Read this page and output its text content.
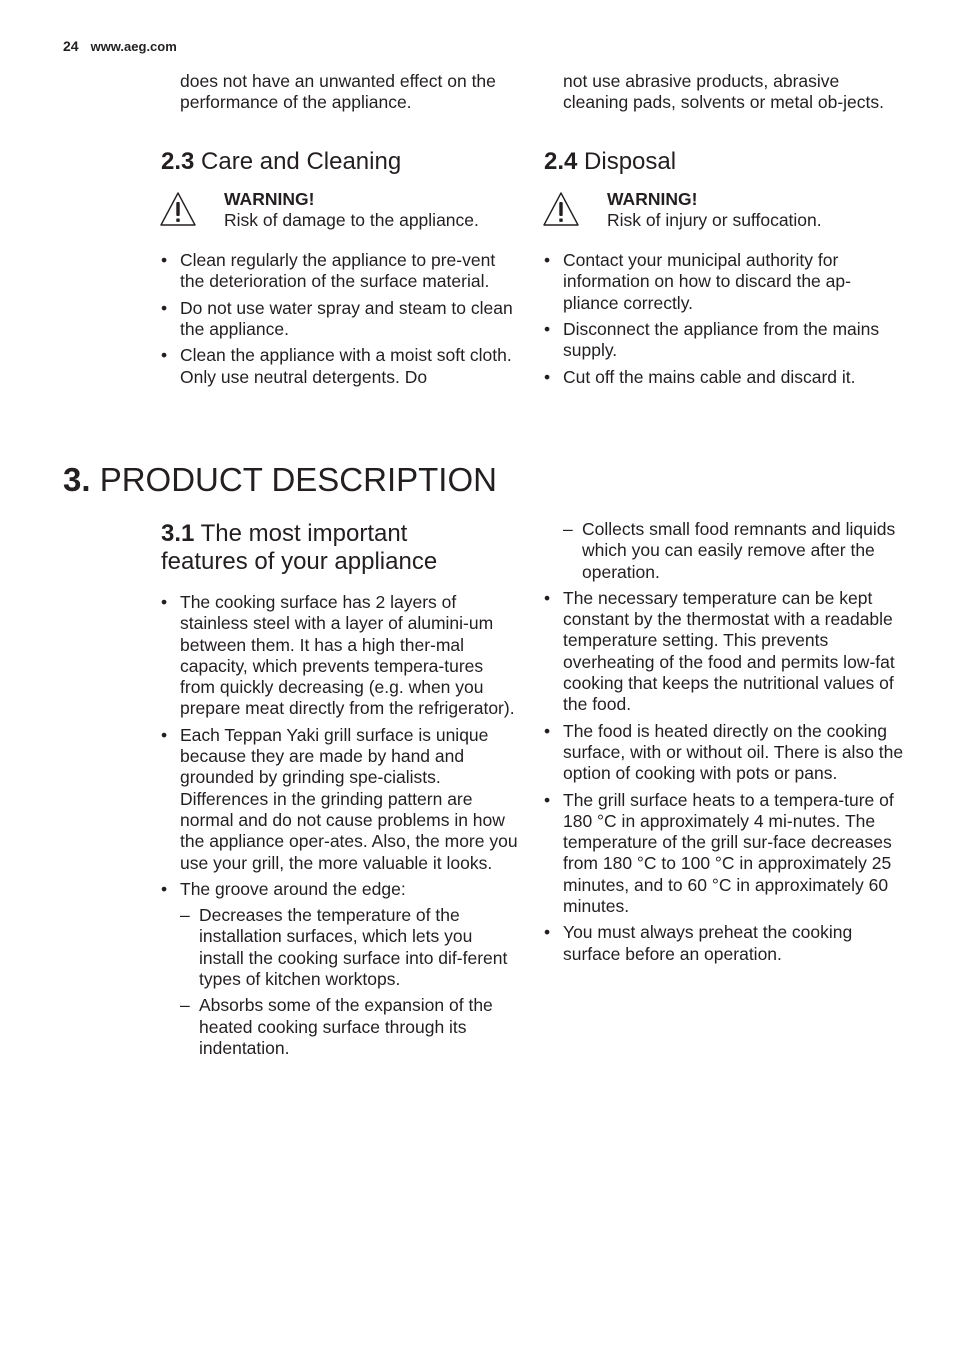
24 www.aeg.com

does not have an unwanted effect on the performance of the appliance.

2.3 Care and Cleaning
WARNING!
Risk of damage to the appliance.
• Clean regularly the appliance to pre-vent the deterioration of the surface material.
• Do not use water spray and steam to clean the appliance.
• Clean the appliance with a moist soft cloth. Only use neutral detergents. Do

not use abrasive products, abrasive cleaning pads, solvents or metal ob-jects.

2.4 Disposal
WARNING!
Risk of injury or suffocation.
• Contact your municipal authority for information on how to discard the ap-pliance correctly.
• Disconnect the appliance from the mains supply.
• Cut off the mains cable and discard it.
3. PRODUCT DESCRIPTION
3.1 The most important
features of your appliance
• The cooking surface has 2 layers of stainless steel with a layer of alumini-um between them. It has a high ther-mal capacity, which prevents tempera-tures from quickly decreasing (e.g. when you prepare meat directly from the refrigerator).
• Each Teppan Yaki grill surface is unique because they are made by hand and grounded by grinding spe-cialists. Differences in the grinding pattern are normal and do not cause problems in how the appliance oper-ates. Also, the more you use your grill, the more valuable it looks.
• The groove around the edge:
– Decreases the temperature of the installation surfaces, which lets you install the cooking surface into dif-ferent types of kitchen worktops.
– Absorbs some of the expansion of the heated cooking surface through its indentation.
– Collects small food remnants and liquids which you can easily remove after the operation.
• The necessary temperature can be kept constant by the thermostat with a readable temperature setting. This prevents overheating of the food and permits low-fat cooking that keeps the nutritional values of the food.
• The food is heated directly on the cooking surface, with or without oil. There is also the option of cooking with pots or pans.
• The grill surface heats to a tempera-ture of 180 °C in approximately 4 mi-nutes. The temperature of the grill sur-face decreases from 180 °C to 100 °C in approximately 25 minutes, and to 60 °C in approximately 60 minutes.
• You must always preheat the cooking surface before an operation.
